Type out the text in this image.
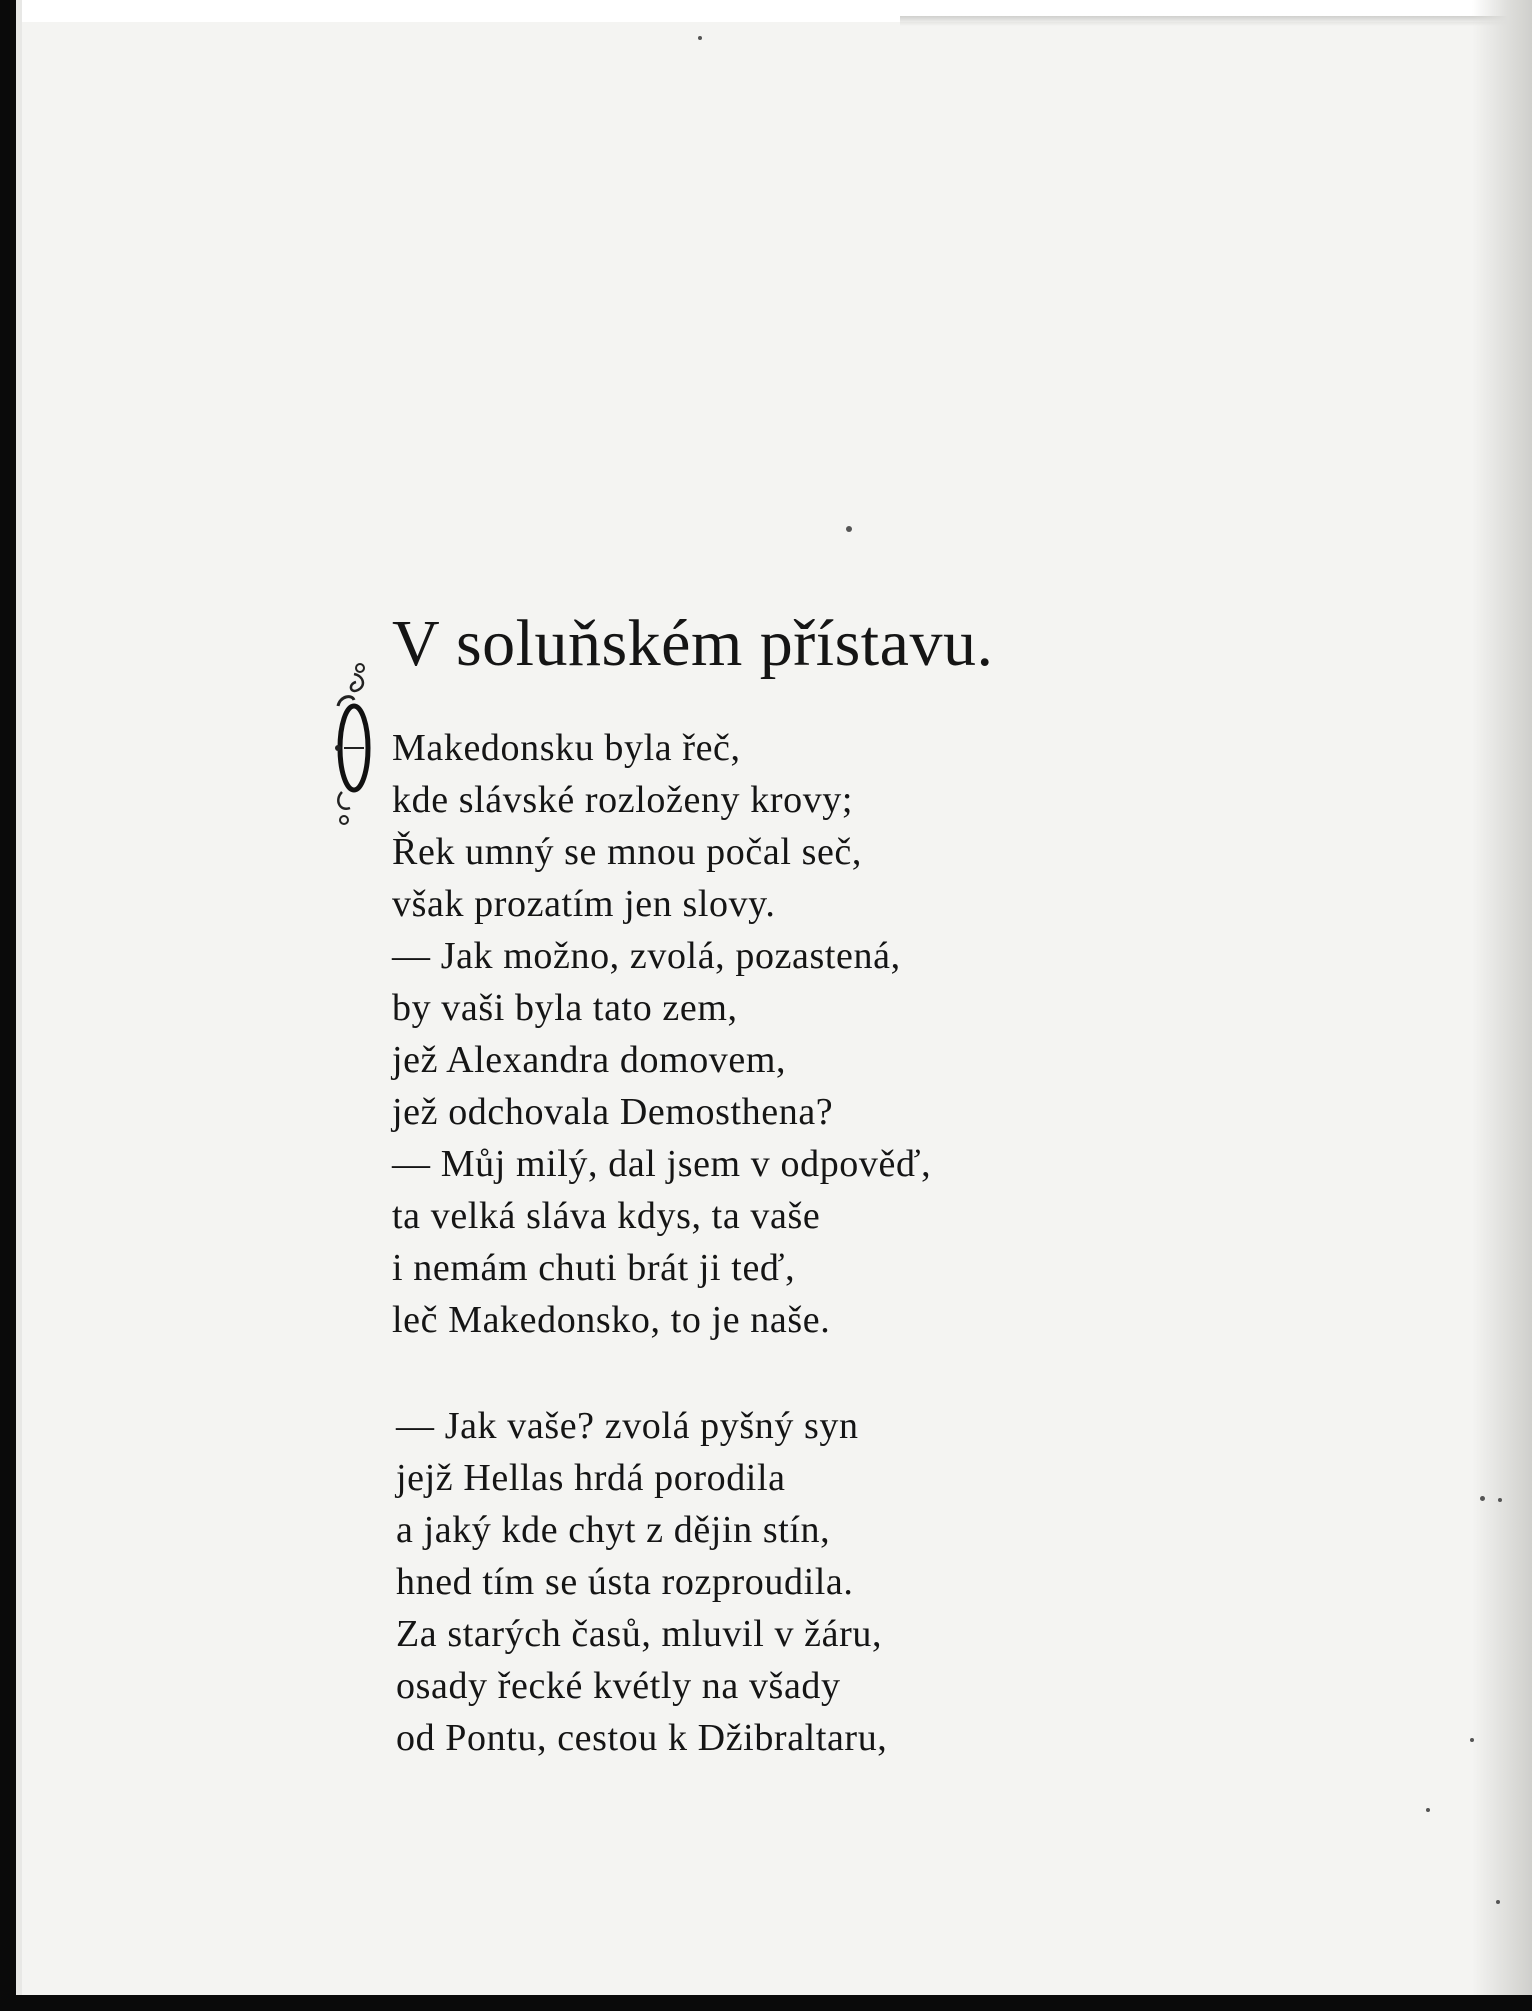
V soluňském přístavu.
Makedonsku byla řeč,
kde slávské rozloženy krovy;
Řek umný se mnou počal seč,
však prozatím jen slovy.
— Jak možno, zvolá, pozastená,
by vaši byla tato zem,
jež Alexandra domovem,
jež odchovala Demosthena?
— Můj milý, dal jsem v odpověď,
ta velká sláva kdys, ta vaše
i nemám chuti brát ji teď,
leč Makedonsko, to je naše.
— Jak vaše? zvolá pyšný syn
jejž Hellas hrdá porodila
a jaký kde chyt z dějin stín,
hned tím se ústa rozproudila.
Za starých časů, mluvil v žáru,
osady řecké kvétly na všady
od Pontu, cestou k Džibraltaru,
